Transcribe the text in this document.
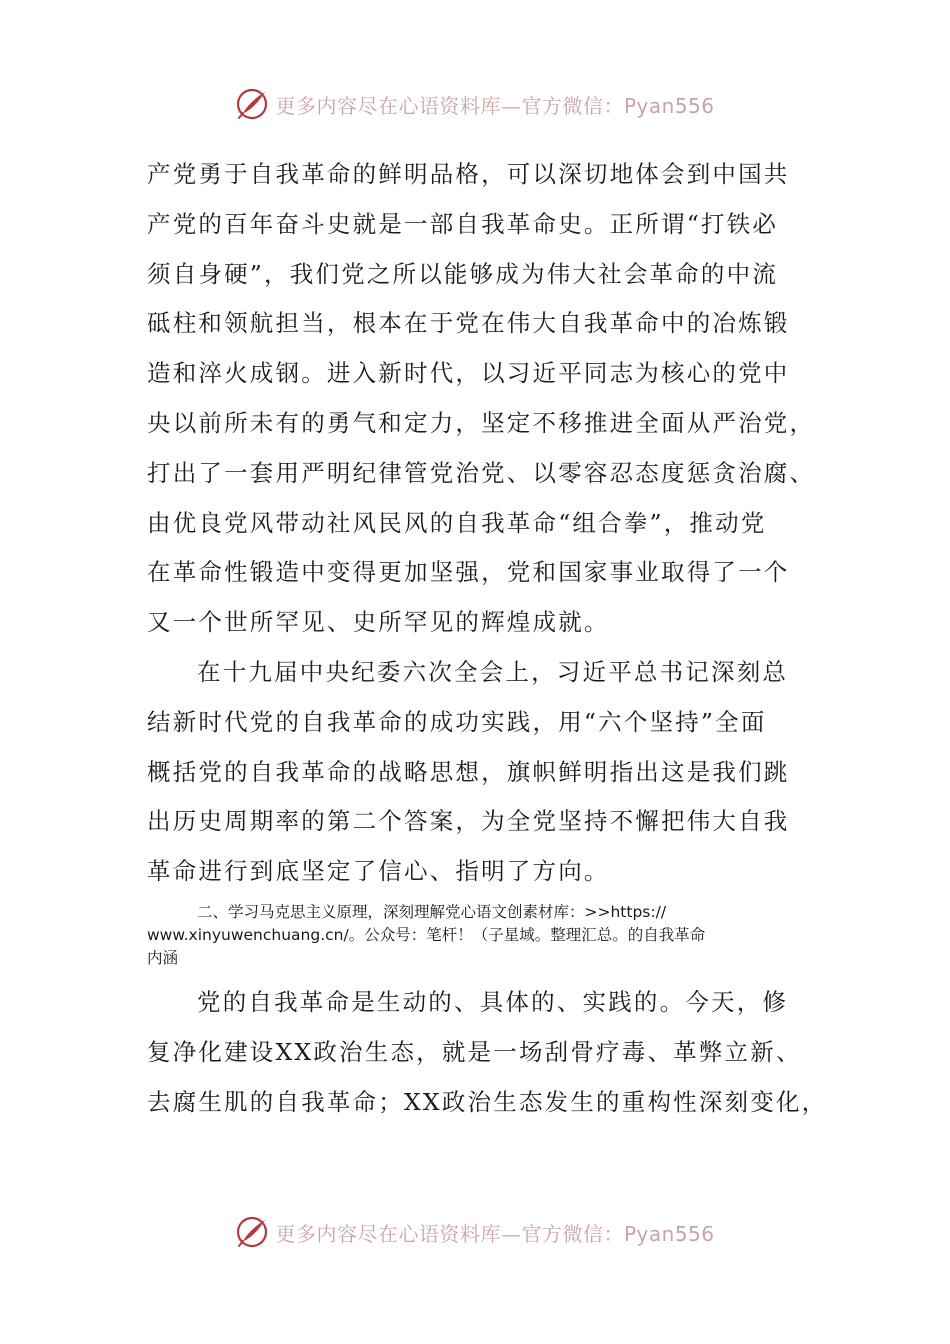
更多内容尽在心语资料库—官方微信：Pyan556
产党勇于自我革命的鲜明品格，可以深切地体会到中国共
产党的百年奋斗史就是一部自我革命史。正所谓“打铁必
须自身硬”，我们党之所以能够成为伟大社会革命的中流
砥柱和领航担当，根本在于党在伟大自我革命中的冶炼锻
造和淬火成钢。进入新时代，以习近平同志为核心的党中
央以前所未有的勇气和定力，坚定不移推进全面从严治党，
打出了一套用严明纪律管党治党、以零容忍态度惩贪治腐、
由优良党风带动社风民风的自我革命“组合拳”，推动党
在革命性锻造中变得更加坚强，党和国家事业取得了一个
又一个世所罕见、史所罕见的辉煌成就。
在十九届中央纪委六次全会上，习近平总书记深刻总
结新时代党的自我革命的成功实践，用“六个坚持”全面
概括党的自我革命的战略思想，旗帜鲜明指出这是我们跳
出历史周期率的第二个答案，为全党坚持不懈把伟大自我
革命进行到底坚定了信心、指明了方向。
二、学习马克思主义原理，深刻理解党心语文创素材库：>>https://
www.xinyuwenchuang.cn/。公众号：笔杆！（子星域。整理汇总。的自我革命
内涵
党的自我革命是生动的、具体的、实践的。今天，修
复净化建设XX政治生态，就是一场刮骨疗毒、革弊立新、
去腐生肌的自我革命；XX政治生态发生的重构性深刻变化，
更多内容尽在心语资料库—官方微信：Pyan556
